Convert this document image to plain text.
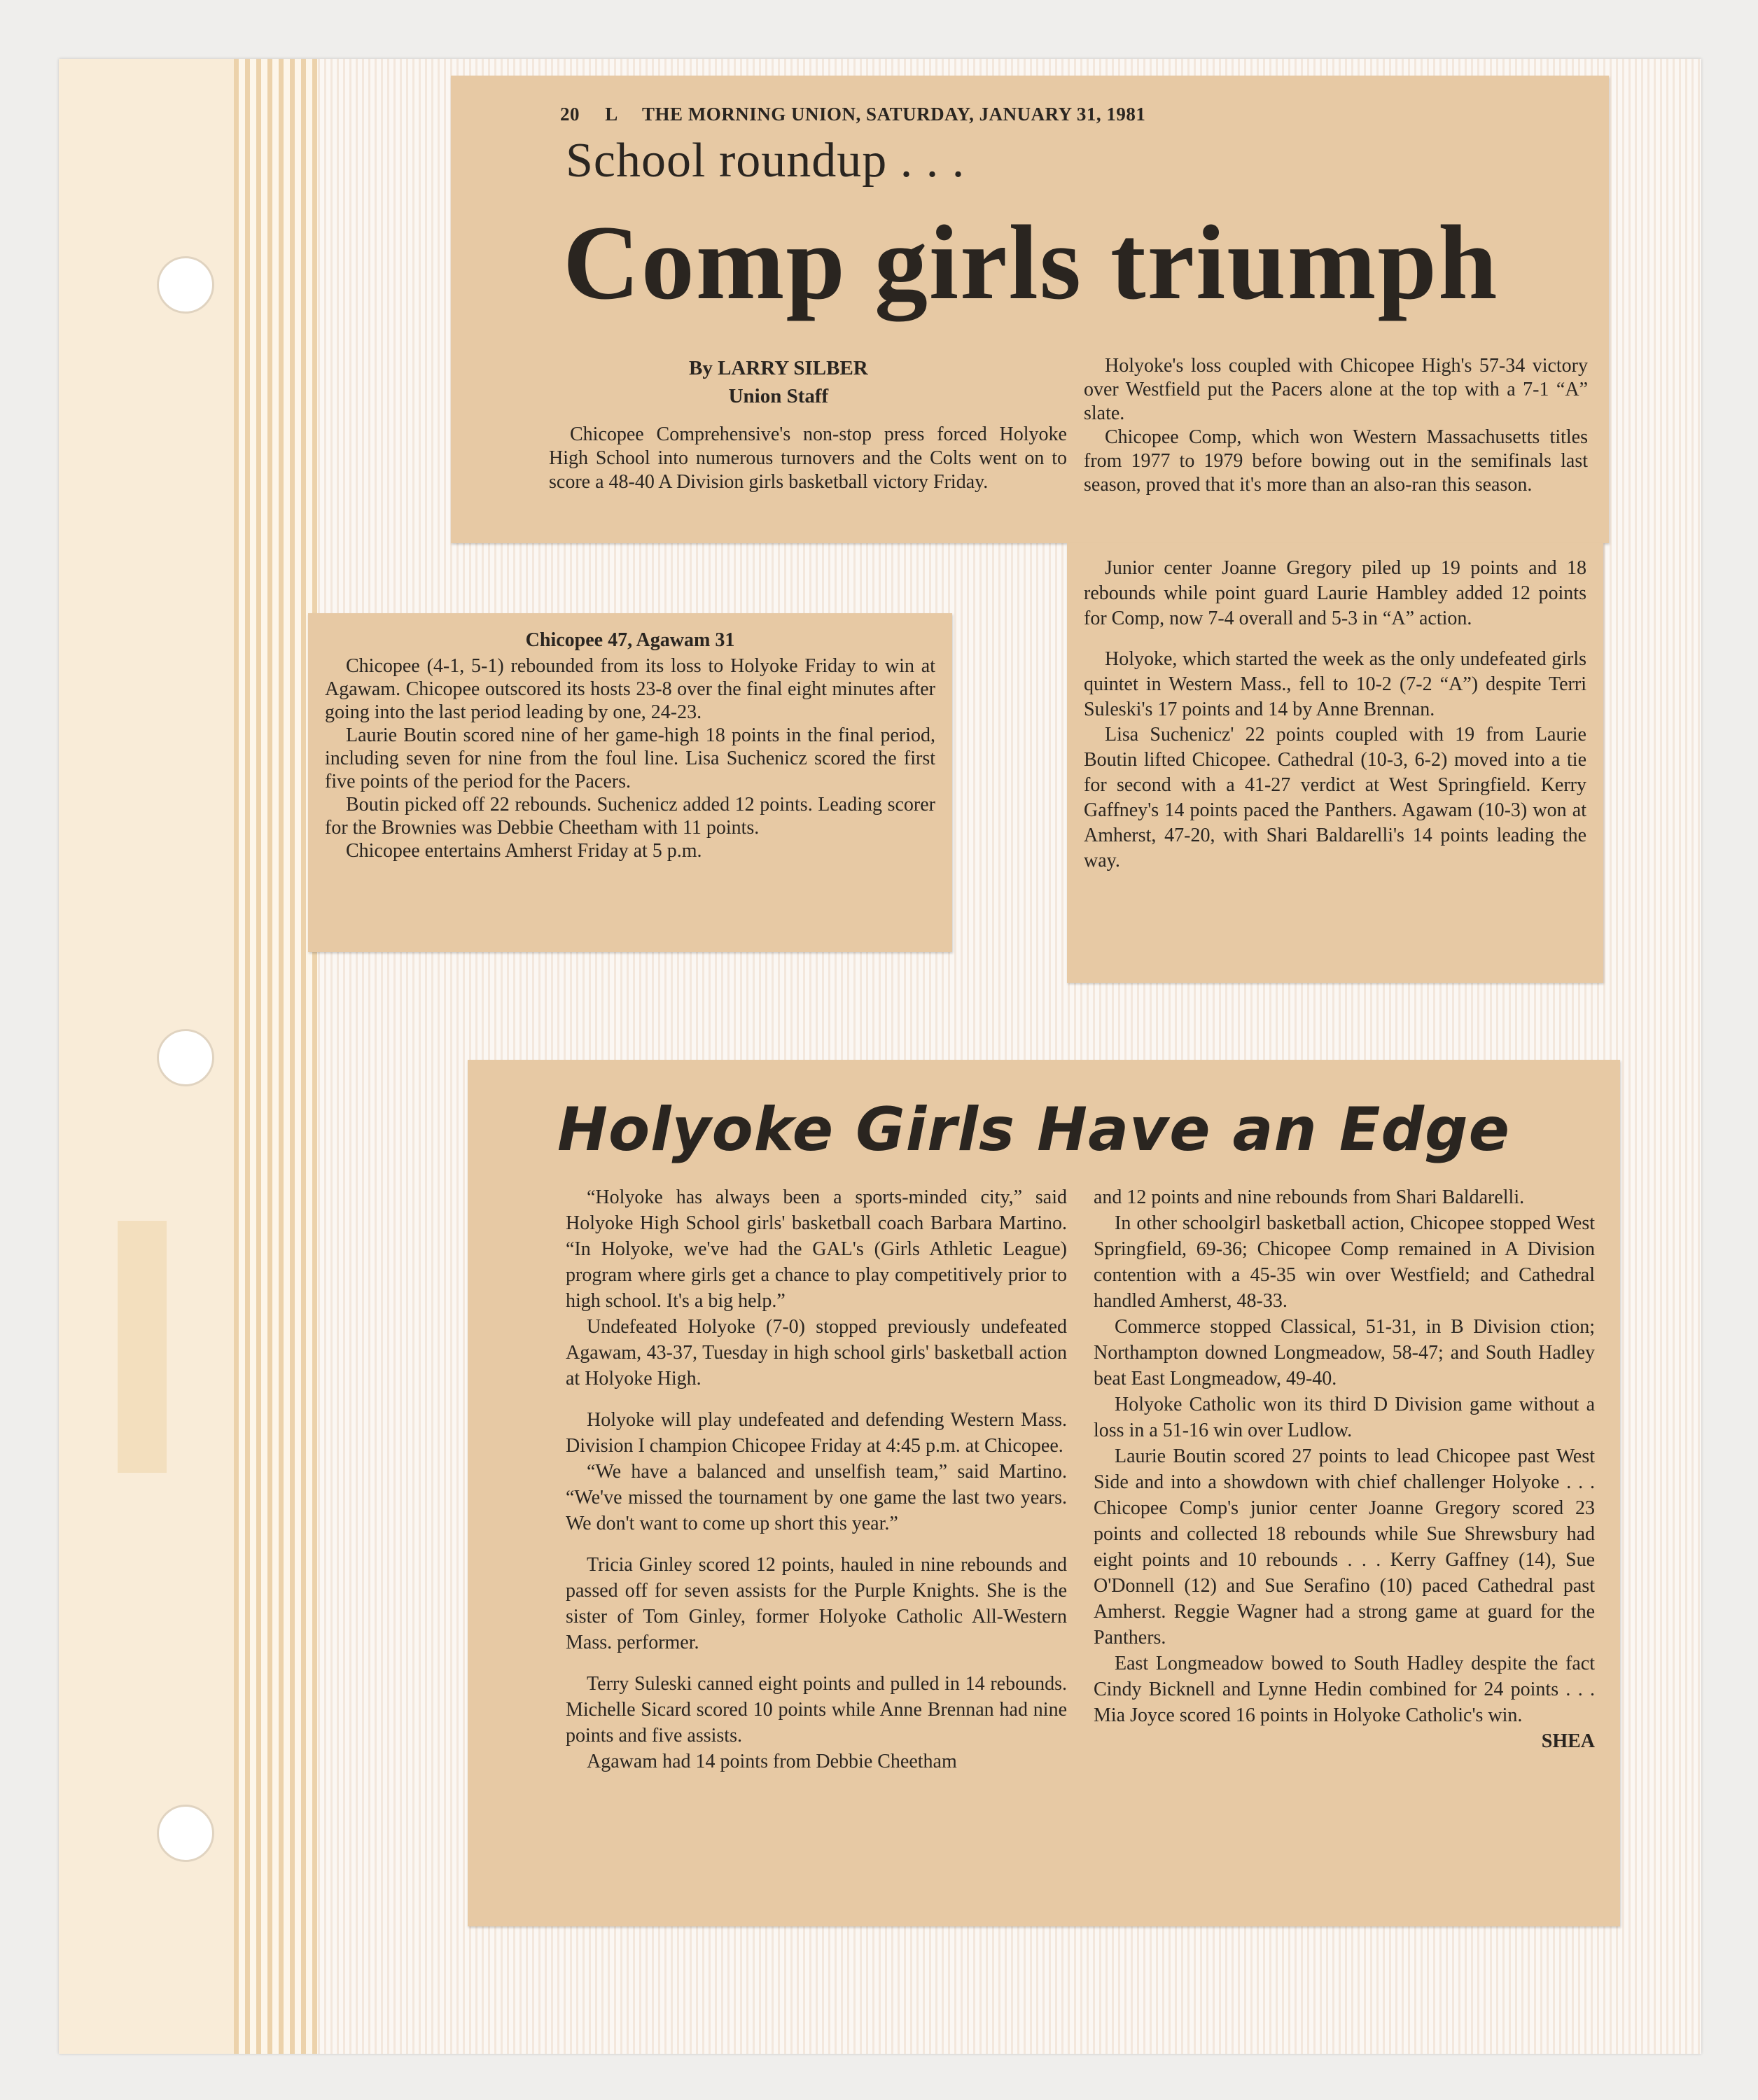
20 L THE MORNING UNION, SATURDAY, JANUARY 31, 1981
School roundup . . .
Comp girls triumph
By LARRY SILBER
Union Staff

Chicopee Comprehensive's non-stop press forced Holyoke High School into numerous turnovers and the Colts went on to score a 48-40 A Division girls basketball victory Friday.

Holyoke's loss coupled with Chicopee High's 57-34 victory over Westfield put the Pacers alone at the top with a 7-1 “A” slate.

Chicopee Comp, which won Western Massachusetts titles from 1977 to 1979 before bowing out in the semifinals last season, proved that it's more than an also-ran this season.

Junior center Joanne Gregory piled up 19 points and 18 rebounds while point guard Laurie Hambley added 12 points for Comp, now 7-4 overall and 5-3 in “A” action.

Holyoke, which started the week as the only undefeated girls quintet in Western Mass., fell to 10-2 (7-2 “A”) despite Terri Suleski's 17 points and 14 by Anne Brennan.

Lisa Suchenicz' 22 points coupled with 19 from Laurie Boutin lifted Chicopee. Cathedral (10-3, 6-2) moved into a tie for second with a 41-27 verdict at West Springfield. Kerry Gaffney's 14 points paced the Panthers. Agawam (10-3) won at Amherst, 47-20, with Shari Baldarelli's 14 points leading the way.

Chicopee 47, Agawam 31

Chicopee (4-1, 5-1) rebounded from its loss to Holyoke Friday to win at Agawam. Chicopee outscored its hosts 23-8 over the final eight minutes after going into the last period leading by one, 24-23.

Laurie Boutin scored nine of her game-high 18 points in the final period, including seven for nine from the foul line. Lisa Suchenicz scored the first five points of the period for the Pacers.

Boutin picked off 22 rebounds. Suchenicz added 12 points. Leading scorer for the Brownies was Debbie Cheetham with 11 points.

Chicopee entertains Amherst Friday at 5 p.m.

Holyoke Girls Have an Edge

“Holyoke has always been a sports-minded city,” said Holyoke High School girls' basketball coach Barbara Martino. “In Holyoke, we've had the GAL's (Girls Athletic League) program where girls get a chance to play competitively prior to high school. It's a big help.”

Undefeated Holyoke (7-0) stopped previously undefeated Agawam, 43-37, Tuesday in high school girls' basketball action at Holyoke High.

Holyoke will play undefeated and defending Western Mass. Division I champion Chicopee Friday at 4:45 p.m. at Chicopee.

“We have a balanced and unselfish team,” said Martino. “We've missed the tournament by one game the last two years. We don't want to come up short this year.”

Tricia Ginley scored 12 points, hauled in nine rebounds and passed off for seven assists for the Purple Knights. She is the sister of Tom Ginley, former Holyoke Catholic All-Western Mass. performer.

Terry Suleski canned eight points and pulled in 14 rebounds. Michelle Sicard scored 10 points while Anne Brennan had nine points and five assists.

Agawam had 14 points from Debbie Cheetham

and 12 points and nine rebounds from Shari Baldarelli.

In other schoolgirl basketball action, Chicopee stopped West Springfield, 69-36; Chicopee Comp remained in A Division contention with a 45-35 win over Westfield; and Cathedral handled Amherst, 48-33.

Commerce stopped Classical, 51-31, in B Division ction; Northampton downed Longmeadow, 58-47; and South Hadley beat East Longmeadow, 49-40.

Holyoke Catholic won its third D Division game without a loss in a 51-16 win over Ludlow.

Laurie Boutin scored 27 points to lead Chicopee past West Side and into a showdown with chief challenger Holyoke . . . Chicopee Comp's junior center Joanne Gregory scored 23 points and collected 18 rebounds while Sue Shrewsbury had eight points and 10 rebounds . . . Kerry Gaffney (14), Sue O'Donnell (12) and Sue Serafino (10) paced Cathedral past Amherst. Reggie Wagner had a strong game at guard for the Panthers.

East Longmeadow bowed to South Hadley despite the fact Cindy Bicknell and Lynne Hedin combined for 24 points . . . Mia Joyce scored 16 points in Holyoke Catholic's win.

SHEA
